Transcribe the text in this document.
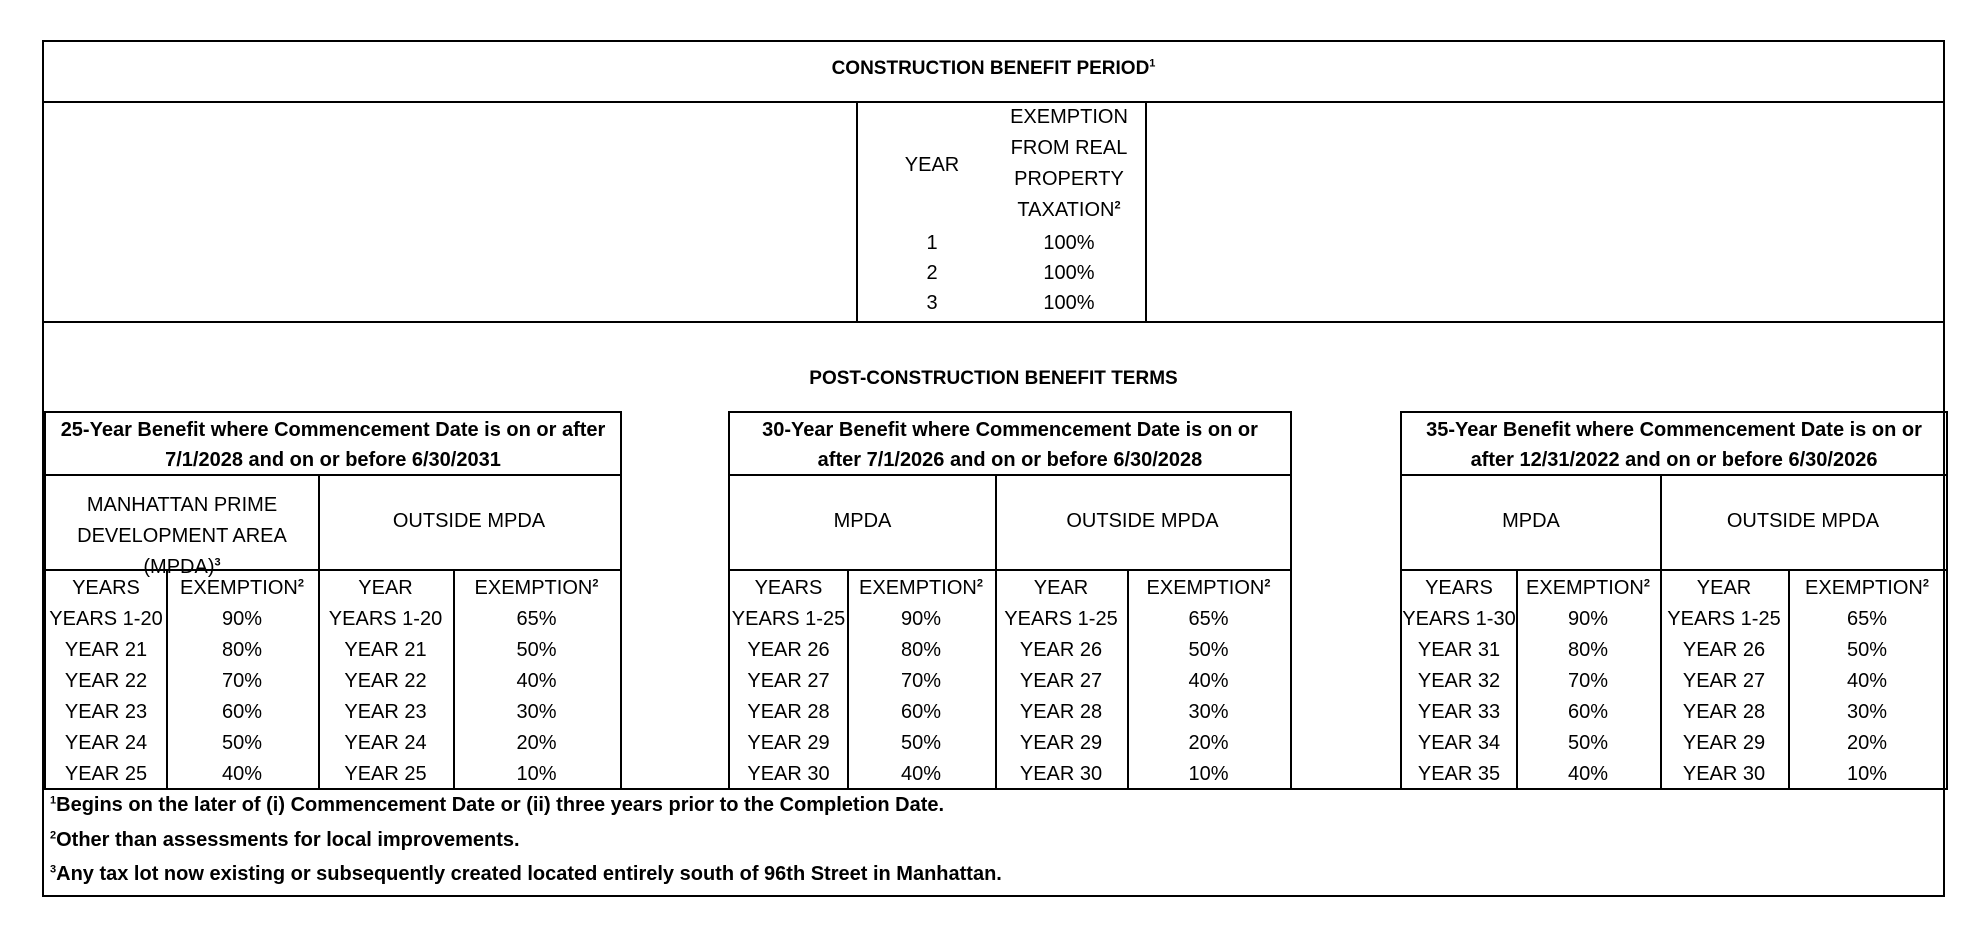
CONSTRUCTION BENEFIT PERIOD$^1$
YEAR
EXEMPTION
FROM REAL
PROPERTY
TAXATION$^2$
1
2
3
100%
100%
100%
POST-CONSTRUCTION BENEFIT TERMS
25-Year Benefit where Commencement Date is on or after
7/1/2028 and on or before 6/30/2031
MANHATTAN PRIME
DEVELOPMENT AREA (MPDA)$^3$
OUTSIDE MPDA
YEARS
YEARS 1-20
YEAR 21
YEAR 22
YEAR 23
YEAR 24
YEAR 25
EXEMPTION$^2$
90%
80%
70%
60%
50%
40%
YEAR
YEARS 1-20
YEAR 21
YEAR 22
YEAR 23
YEAR 24
YEAR 25
EXEMPTION$^2$
65%
50%
40%
30%
20%
10%
30-Year Benefit where Commencement Date is on or
after 7/1/2026 and on or before 6/30/2028
MPDA	OUTSIDE MPDA
YEARS
YEARS 1-25
YEAR 26
YEAR 27
YEAR 28
YEAR 29
YEAR 30
EXEMPTION$^2$
90%
80%
70%
60%
50%
40%
YEAR
YEARS 1-25
YEAR 26
YEAR 27
YEAR 28
YEAR 29
YEAR 30
EXEMPTION$^2$
65%
50%
40%
30%
20%
10%
35-Year Benefit where Commencement Date is on or
after 12/31/2022 and on or before 6/30/2026
MPDA	OUTSIDE MPDA
YEARS
YEARS 1-30
YEAR 31
YEAR 32
YEAR 33
YEAR 34
YEAR 35
EXEMPTION$^2$
90%
80%
70%
60%
50%
40%
YEAR
YEARS 1-25
YEAR 26
YEAR 27
YEAR 28
YEAR 29
YEAR 30
EXEMPTION$^2$
65%
50%
40%
30%
20%
10%
$^1$Begins on the later of (i) Commencement Date or (ii) three years prior to the Completion Date.
$^2$Other than assessments for local improvements.
$^3$Any tax lot now existing or subsequently created located entirely south of 96th Street in Manhattan.
